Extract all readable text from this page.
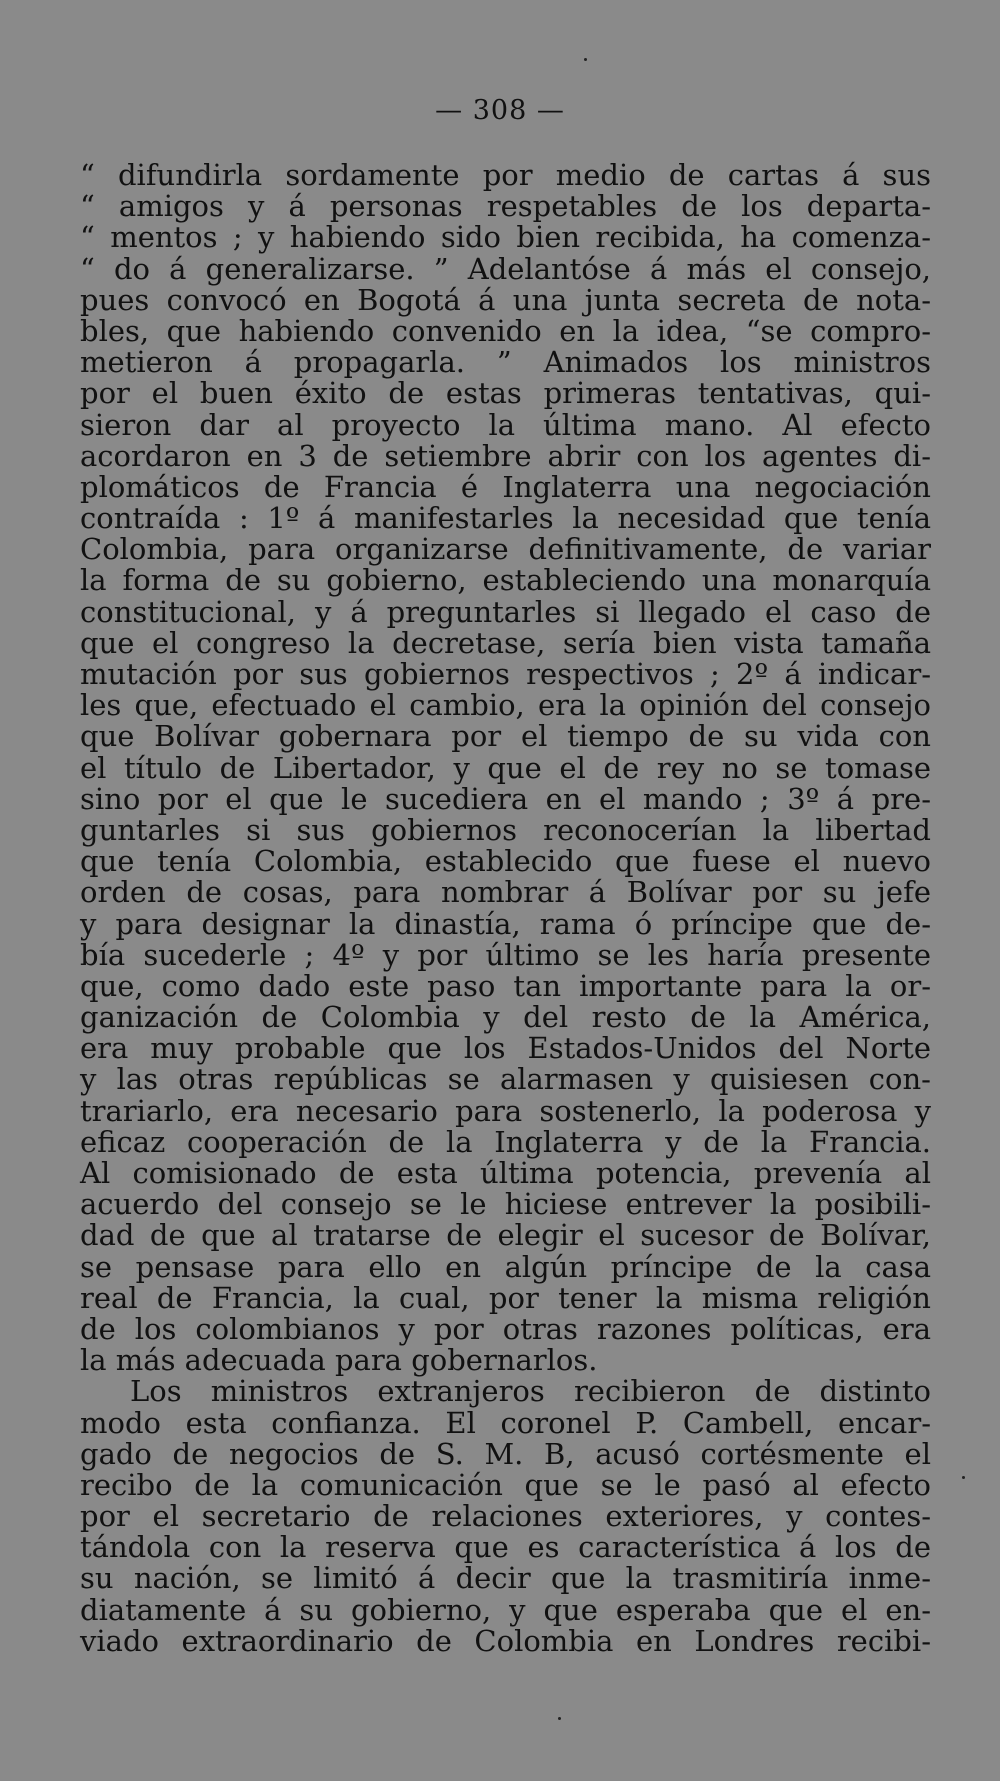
— 308 —
“ difundirla sordamente por medio de cartas á sus
“ amigos y á personas respetables de los departa-
“ mentos ; y habiendo sido bien recibida, ha comenza-
“ do á generalizarse. ” Adelantóse á más el consejo,
pues convocó en Bogotá á una junta secreta de nota-
bles, que habiendo convenido en la idea, “se compro-
metieron á propagarla. ” Animados los ministros
por el buen éxito de estas primeras tentativas, qui-
sieron dar al proyecto la última mano. Al efecto
acordaron en 3 de setiembre abrir con los agentes di-
plomáticos de Francia é Inglaterra una negociación
contraída : 1º á manifestarles la necesidad que tenía
Colombia, para organizarse definitivamente, de variar
la forma de su gobierno, estableciendo una monarquía
constitucional, y á preguntarles si llegado el caso de
que el congreso la decretase, sería bien vista tamaña
mutación por sus gobiernos respectivos ; 2º á indicar-
les que, efectuado el cambio, era la opinión del consejo
que Bolívar gobernara por el tiempo de su vida con
el título de Libertador, y que el de rey no se tomase
sino por el que le sucediera en el mando ; 3º á pre-
guntarles si sus gobiernos reconocerían la libertad
que tenía Colombia, establecido que fuese el nuevo
orden de cosas, para nombrar á Bolívar por su jefe
y para designar la dinastía, rama ó príncipe que de-
bía sucederle ; 4º y por último se les haría presente
que, como dado este paso tan importante para la or-
ganización de Colombia y del resto de la América,
era muy probable que los Estados-Unidos del Norte
y las otras repúblicas se alarmasen y quisiesen con-
trariarlo, era necesario para sostenerlo, la poderosa y
eficaz cooperación de la Inglaterra y de la Francia.
Al comisionado de esta última potencia, prevenía al
acuerdo del consejo se le hiciese entrever la posibili-
dad de que al tratarse de elegir el sucesor de Bolívar,
se pensase para ello en algún príncipe de la casa
real de Francia, la cual, por tener la misma religión
de los colombianos y por otras razones políticas, era
la más adecuada para gobernarlos.
Los ministros extranjeros recibieron de distinto
modo esta confianza. El coronel P. Cambell, encar-
gado de negocios de S. M. B, acusó cortésmente el
recibo de la comunicación que se le pasó al efecto
por el secretario de relaciones exteriores, y contes-
tándola con la reserva que es característica á los de
su nación, se limitó á decir que la trasmitiría inme-
diatamente á su gobierno, y que esperaba que el en-
viado extraordinario de Colombia en Londres recibi-
